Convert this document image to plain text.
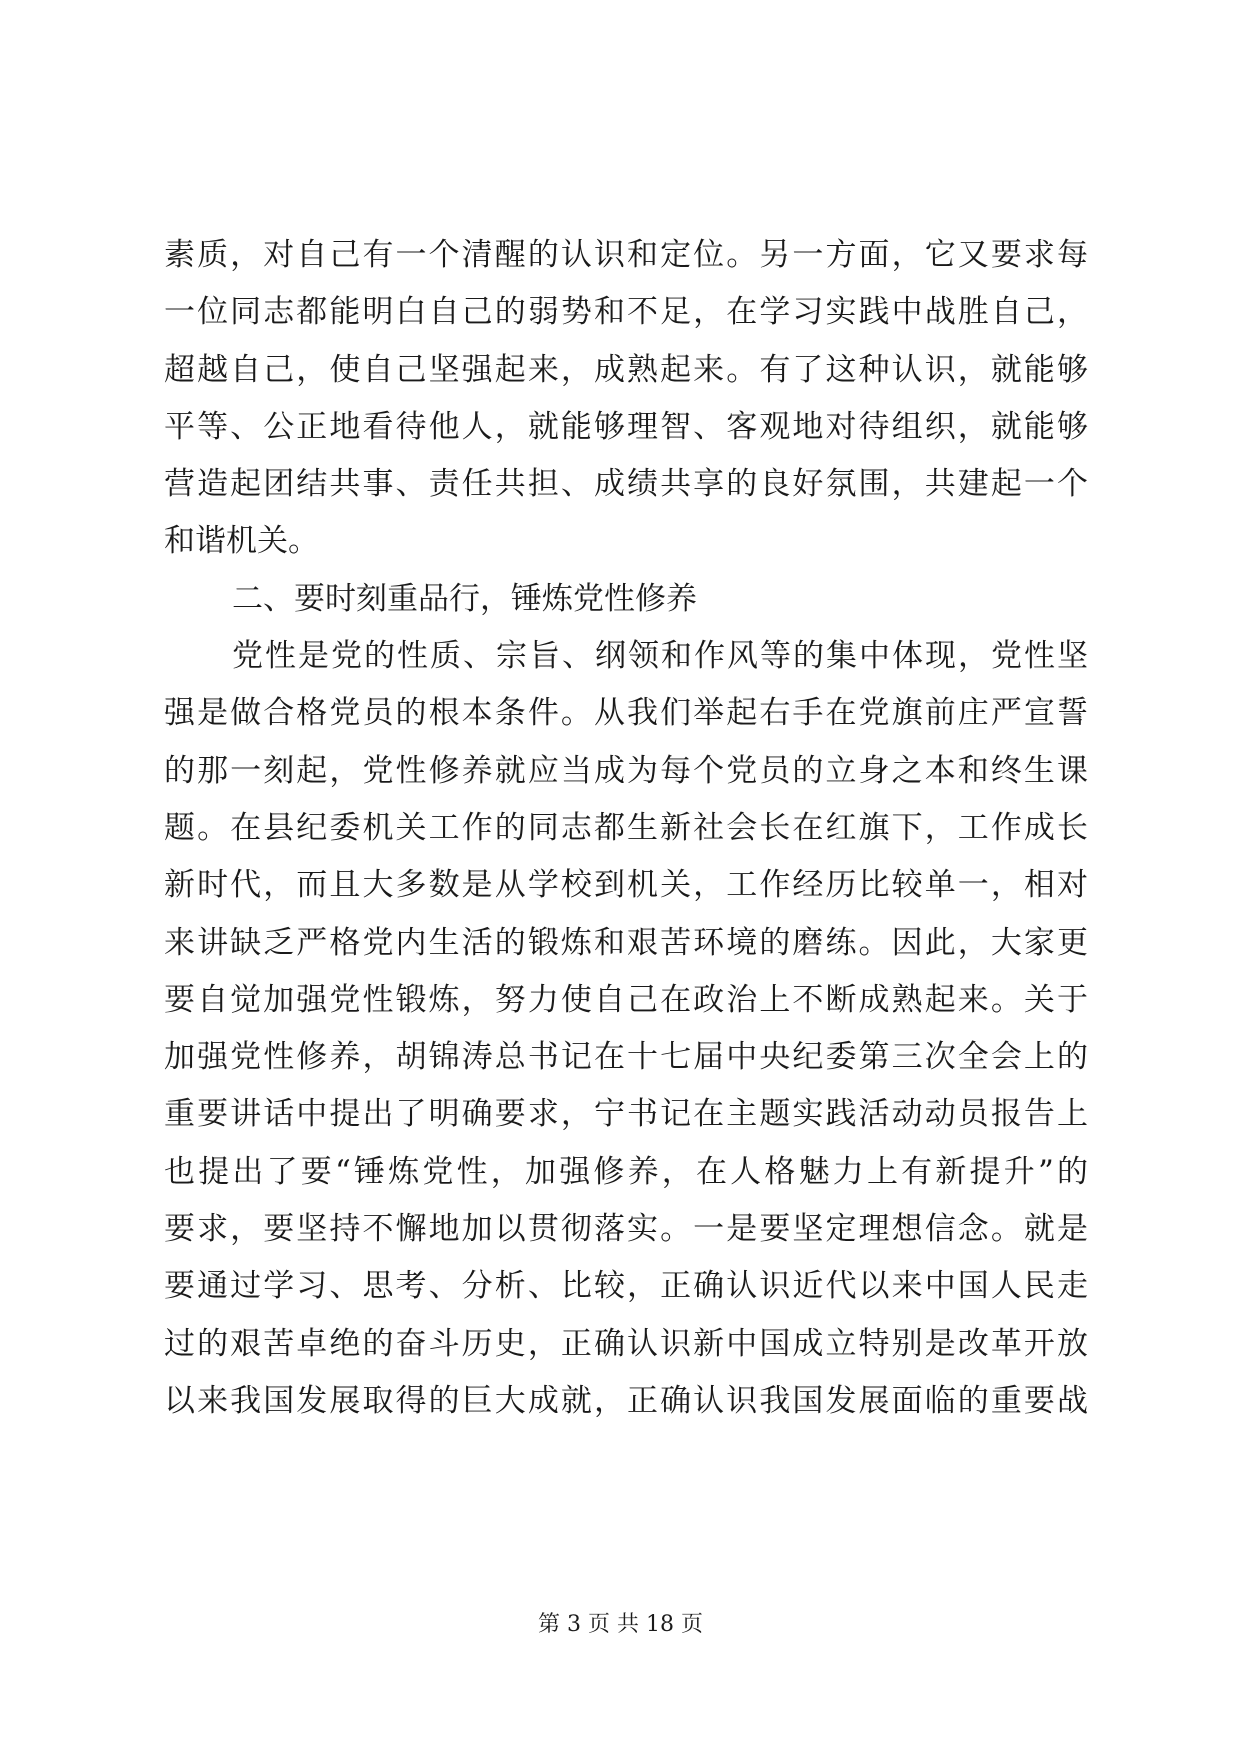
素质，对自己有一个清醒的认识和定位。另一方面，它又要求每
一位同志都能明白自己的弱势和不足，在学习实践中战胜自己，
超越自己，使自己坚强起来，成熟起来。有了这种认识，就能够
平等、公正地看待他人，就能够理智、客观地对待组织，就能够
营造起团结共事、责任共担、成绩共享的良好氛围，共建起一个
和谐机关。
二、要时刻重品行，锤炼党性修养
党性是党的性质、宗旨、纲领和作风等的集中体现，党性坚
强是做合格党员的根本条件。从我们举起右手在党旗前庄严宣誓
的那一刻起，党性修养就应当成为每个党员的立身之本和终生课
题。在县纪委机关工作的同志都生新社会长在红旗下，工作成长
新时代，而且大多数是从学校到机关，工作经历比较单一，相对
来讲缺乏严格党内生活的锻炼和艰苦环境的磨练。因此，大家更
要自觉加强党性锻炼，努力使自己在政治上不断成熟起来。关于
加强党性修养，胡锦涛总书记在十七届中央纪委第三次全会上的
重要讲话中提出了明确要求，宁书记在主题实践活动动员报告上
也提出了要“锤炼党性，加强修养，在人格魅力上有新提升”的
要求，要坚持不懈地加以贯彻落实。一是要坚定理想信念。就是
要通过学习、思考、分析、比较，正确认识近代以来中国人民走
过的艰苦卓绝的奋斗历史，正确认识新中国成立特别是改革开放
以来我国发展取得的巨大成就，正确认识我国发展面临的重要战
第 3 页 共 18 页
